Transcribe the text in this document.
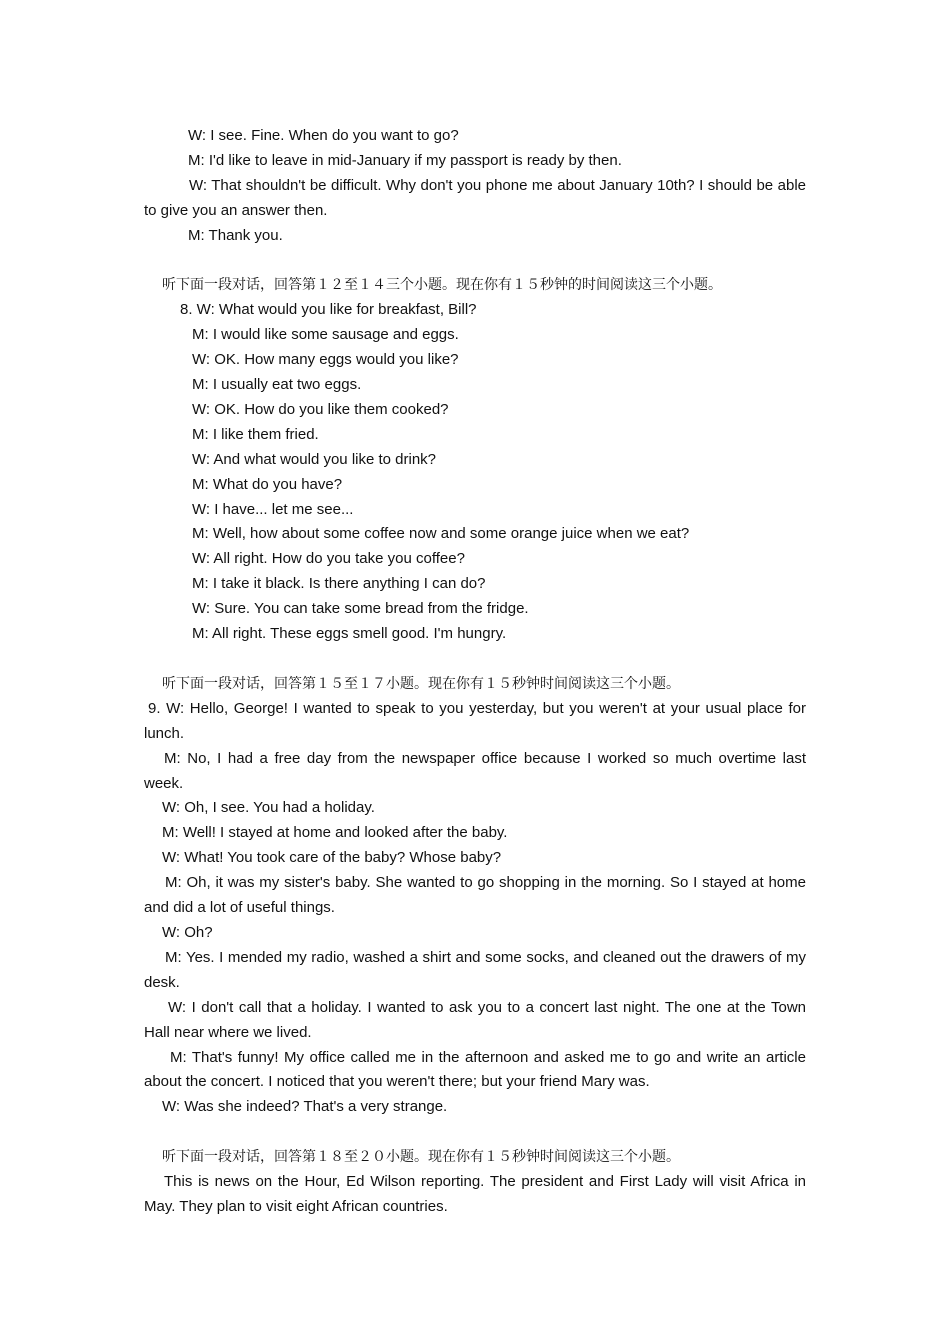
W: I see. Fine. When do you want to go?

M: I'd like to leave in mid-January if my passport is ready by then.

W: That shouldn't be difficult. Why don't you phone me about January 10th? I should be able to give you an answer then.

M: Thank you.

听下面一段对话，回答第１２至１４三个小题。现在你有１５秒钟的时间阅读这三个小题。

8. W: What would you like for breakfast, Bill?

M: I would like some sausage and eggs.

W: OK. How many eggs would you like?

M: I usually eat two eggs.

W: OK. How do you like them cooked?

M: I like them fried.

W: And what would you like to drink?

M: What do you have?

W: I have... let me see...

M: Well, how about some coffee now and some orange juice when we eat?

W: All right. How do you take you coffee?

M: I take it black. Is there anything I can do?

W: Sure. You can take some bread from the fridge.

M: All right. These eggs smell good. I'm hungry.

听下面一段对话，回答第１５至１７小题。现在你有１５秒钟时间阅读这三个小题。

9. W: Hello, George! I wanted to speak to you yesterday, but you weren't at your usual place for lunch.

M: No, I had a free day from the newspaper office because I worked so much overtime last week.

W: Oh, I see. You had a holiday.

M: Well! I stayed at home and looked after the baby.

W: What! You took care of the baby? Whose baby?

M: Oh, it was my sister's baby. She wanted to go shopping in the morning. So I stayed at home and did a lot of useful things.

W: Oh?

M: Yes. I mended my radio, washed a shirt and some socks, and cleaned out the drawers of my desk.

W: I don't call that a holiday. I wanted to ask you to a concert last night. The one at the Town Hall near where we lived.

M: That's funny! My office called me in the afternoon and asked me to go and write an article about the concert. I noticed that you weren't there; but your friend Mary was.

W: Was she indeed? That's a very strange.

听下面一段对话，回答第１８至２０小题。现在你有１５秒钟时间阅读这三个小题。

This is news on the Hour, Ed Wilson reporting. The president and First Lady will visit Africa in May. They plan to visit eight African countries.
